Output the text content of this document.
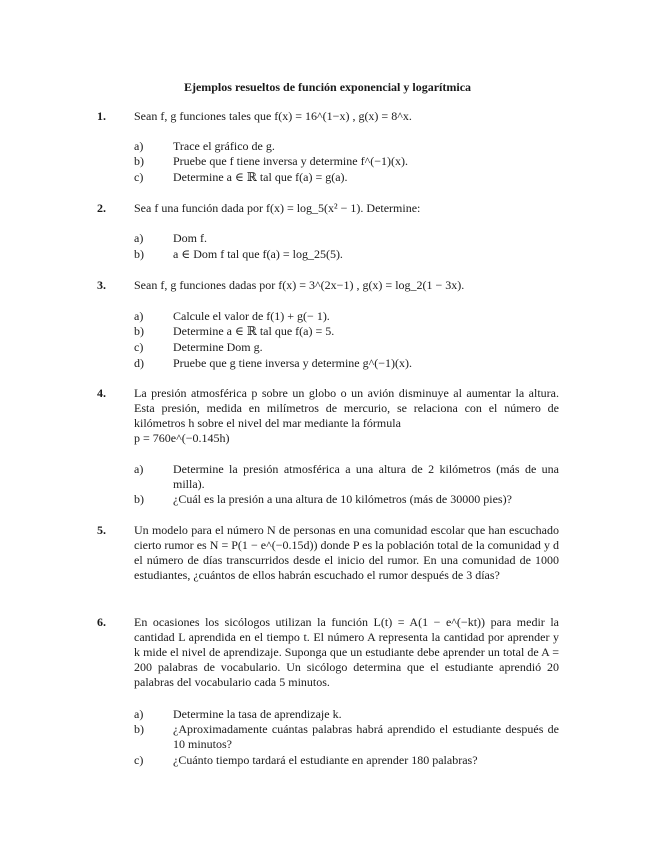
Ejemplos resueltos de función exponencial y logarítmica
1. Sean f, g funciones tales que f(x) = 16^(1−x) , g(x) = 8^x.
a) Trace el gráfico de g.
b) Pruebe que f tiene inversa y determine f^(−1)(x).
c) Determine a ∈ ℝ tal que f(a) = g(a).
2. Sea f una función dada por f(x) = log_5(x² − 1). Determine:
a) Dom f.
b) a ∈ Dom f tal que f(a) = log_25(5).
3. Sean f, g funciones dadas por f(x) = 3^(2x−1) , g(x) = log_2(1 − 3x).
a) Calcule el valor de f(1) + g(− 1).
b) Determine a ∈ ℝ tal que f(a) = 5.
c) Determine Dom g.
d) Pruebe que g tiene inversa y determine g^(−1)(x).
4. La presión atmosférica p sobre un globo o un avión disminuye al aumentar la altura. Esta presión, medida en milímetros de mercurio, se relaciona con el número de kilómetros h sobre el nivel del mar mediante la fórmula
p = 760e^(−0.145h)
a) Determine la presión atmosférica a una altura de 2 kilómetros (más de una milla).
b) ¿Cuál es la presión a una altura de 10 kilómetros (más de 30000 pies)?
5. Un modelo para el número N de personas en una comunidad escolar que han escuchado cierto rumor es N = P(1 − e^(−0.15d)) donde P es la población total de la comunidad y d el número de días transcurridos desde el inicio del rumor. En una comunidad de 1000 estudiantes, ¿cuántos de ellos habrán escuchado el rumor después de 3 días?
6. En ocasiones los sicólogos utilizan la función L(t) = A(1 − e^(−kt)) para medir la cantidad L aprendida en el tiempo t. El número A representa la cantidad por aprender y k mide el nivel de aprendizaje. Suponga que un estudiante debe aprender un total de A = 200 palabras de vocabulario. Un sicólogo determina que el estudiante aprendió 20 palabras del vocabulario cada 5 minutos.
a) Determine la tasa de aprendizaje k.
b) ¿Aproximadamente cuántas palabras habrá aprendido el estudiante después de 10 minutos?
c) ¿Cuánto tiempo tardará el estudiante en aprender 180 palabras?
